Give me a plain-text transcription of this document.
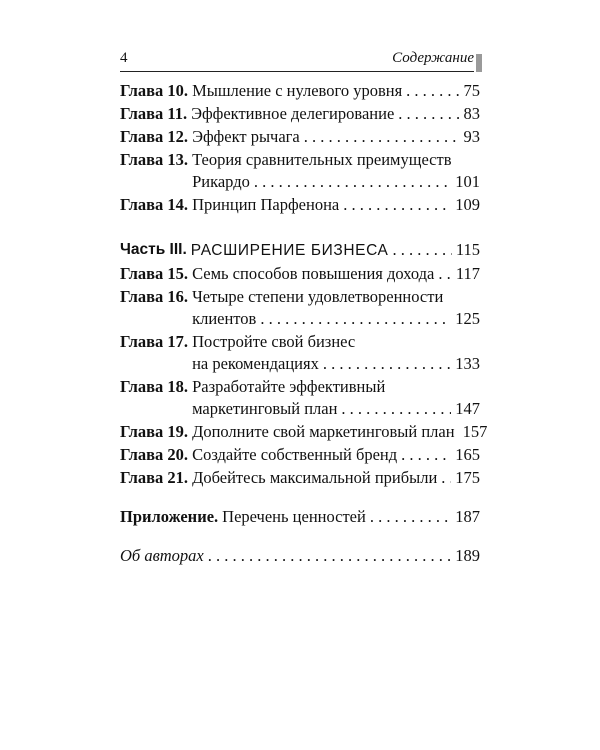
4	Содержание
Глава 10. Мышление с нулевого уровня . . .	75
Глава 11. Эффективное делегирование . . .	83
Глава 12. Эффект рычага . . .	93
Глава 13. Теория сравнительных преимуществ
Рикардо . . .	101
Глава 14. Принцип Парфенона . . .	109
Часть III. РАСШИРЕНИЕ БИЗНЕСА . . .	115
Глава 15. Семь способов повышения дохода . . . 117
Глава 16. Четыре степени удовлетворенности
клиентов . . .	125
Глава 17. Постройте свой бизнес
на рекомендациях . . .	133
Глава 18. Разработайте эффективный
маркетинговый план . . .	147
Глава 19. Дополните свой маркетинговый план 157
Глава 20. Создайте собственный бренд . . .	165
Глава 21. Добейтесь максимальной прибыли . . . 175
Приложение. Перечень ценностей . . .	187
Об авторах . . .	189
